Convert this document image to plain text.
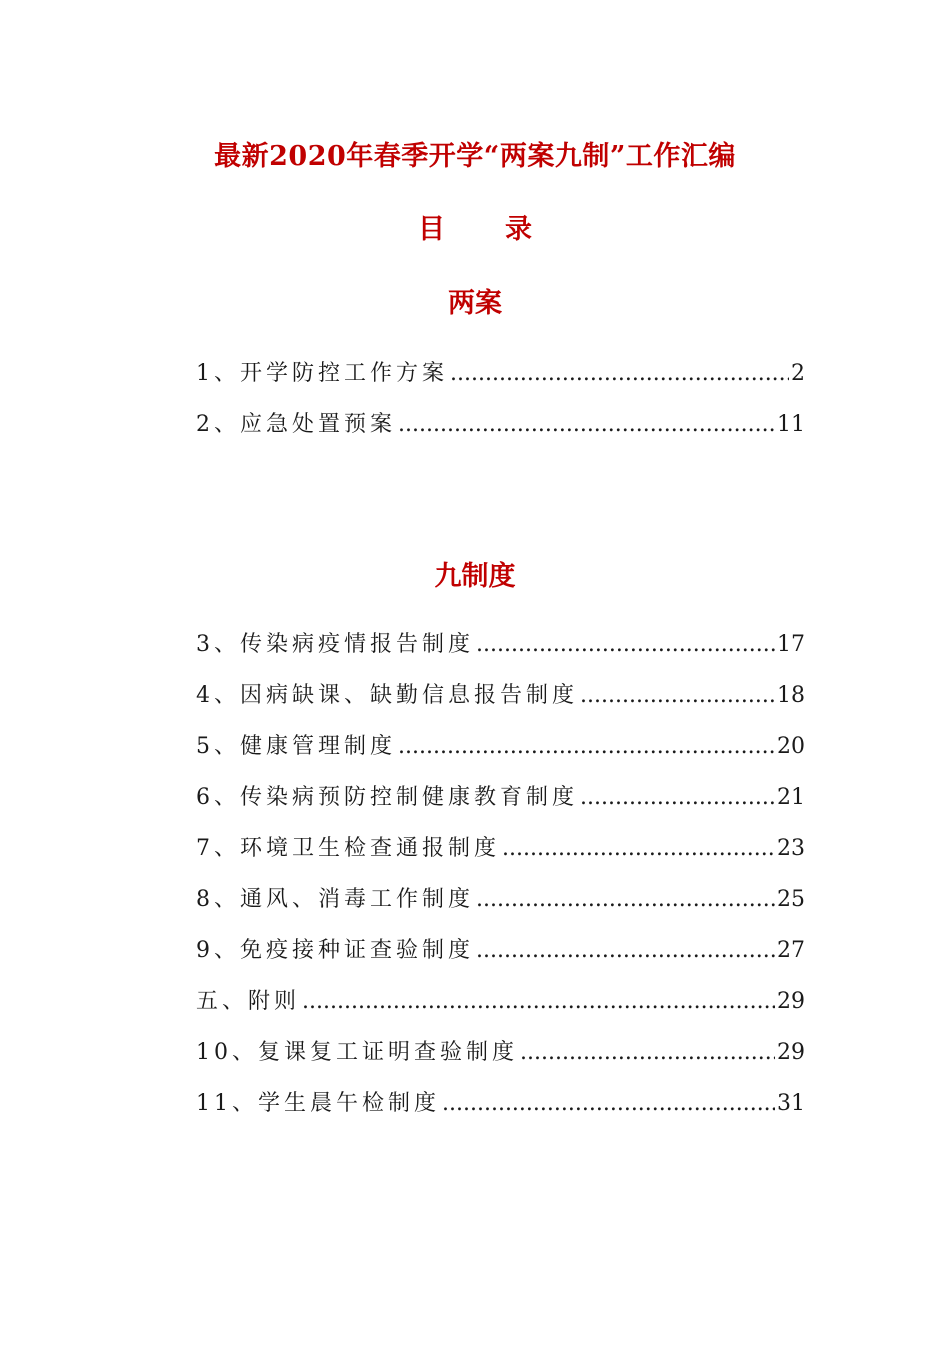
最新2020年春季开学“两案九制”工作汇编
目 录
两案
1、开学防控工作方案 .....	2
2、应急处置预案 .....	11
九制度
3、传染病疫情报告制度 .....	17
4、因病缺课、缺勤信息报告制度 .....	18
5、健康管理制度 .....	20
6、传染病预防控制健康教育制度 .....	21
7、环境卫生检查通报制度 .....	23
8、通风、消毒工作制度 .....	25
9、免疫接种证查验制度 .....	27
五、附则 .....	29
10、复课复工证明查验制度 .....	29
11、学生晨午检制度 .....	31
